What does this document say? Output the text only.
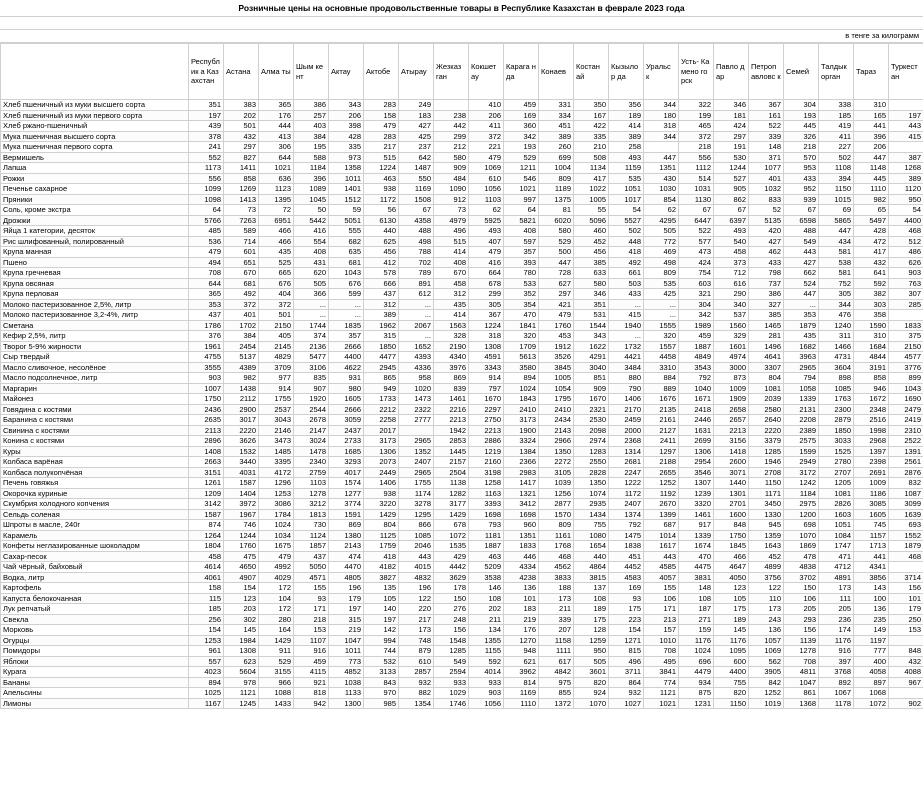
Розничные цены на основные продовольственные товары в Республике Казахстан в феврале 2023 года
в тенге за килограмм
	Республик а Казахстан	Астана	Алма ты	Шым кент	Актау	Актобе	Атырау	Жезказ ган	Кокшет ау	Карага нда	Конаев	Костан ай	Кызылор да	Уральс к	Усть- Камено горск	Павло дар	Петроп авловс к	Семей	Талдык орган	Тараз	Туркест ан
Хлеб пшеничный из муки высшего сорта	351	383	365	386	343	283	249		410	459	331	350	356	344	322	346	367	304	338	310	
Хлеб пшеничный из муки первого сорта	197	202	176	257	206	158	183	238	206	169	334	167	189	180	199	181	161	193	185	165	197
Хлеб ржано-пшеничный	439	501	444	403	398	479	427	442	411	360	451	422	414	318	465	424	522	445	419	441	443
Мука пшеничная высшего сорта	378	432	413	384	428	283	425	299	372	342	389	335	389	344	372	297	339	326	411	396	415
Мука пшеничная первого сорта	241	297	306	195	335	217	237	212	221	193	260	210	258		218	191	148	218	227	206	
Вермишель	552	827	644	588	973	515	642	580	479	529	699	508	493	447	556	530	371	570	502	447	387
Лапша	1173	1411	1021	1184	1358	1224	1487	909	1069	1211	1004	1134	1159	1351	1112	1244	1077	953	1108	1148	1268
Рожки	556	858	636	396	1011	463	550	484	610	546	809	417	535	430	514	527	401	433	394	445	389
Печенье сахарное	1099	1269	1123	1089	1401	938	1169	1090	1056	1021	1189	1022	1051	1030	1031	905	1032	952	1150	1110	1120
Пряники	1098	1413	1395	1045	1512	1172	1508	912	1103	997	1375	1005	1017	854	1130	862	833	939	1015	982	950
Соль, кроме экстра	64	73	72	50	59	56	67	73	62	64	81	55	54	62	67	67	52	67	69	65	54
Дрожжи	5766	7263	6951	5442	5051	6130	4358	4979	5925	5821	6020	5096	5527	4295	6447	6397	5135	6598	5865	5497	4400
Яйца 1 категории, десяток	485	589	466	416	555	440	488	496	493	408	580	460	502	505	522	493	420	488	447	428	468
Рис шлифованный, полированный	536	714	466	554	682	625	498	515	407	597	529	452	448	772	577	540	427	549	434	472	512
Крупа манная	479	601	435	408	635	456	788	414	479	357	500	456	418	469	473	458	462	443	581	417	486
Пшено	494	651	525	431	681	412	702	408	416	393	447	385	492	498	424	373	433	427	538	432	626
Крупа гречневая	708	670	665	620	1043	578	789	670	664	780	728	633	661	809	754	712	798	662	581	641	903
Крупа овсяная	644	681	676	505	676	666	891	458	678	533	627	580	503	535	603	616	737	524	752	592	763
Крупа перловая	365	492	404	366	599	437	612	312	299	352	297	346	433	425	321	290	386	447	305	382	307
Молоко пастеризованное 2,5%, литр	353	372	372	...	...	312	...	435	305	354	421	351	...	...	304	340	327	...	344	303	285
Молоко пастеризованное 3,2-4%, литр	437	401	501	...	...	389	...	414	367	470	479	531	415	...	342	537	385	353	476	358	
Сметана	1786	1702	2150	1744	1835	1962	2067	1563	1224	1841	1760	1544	1940	1555	1989	1560	1465	1879	1240	1590	1833
Кефир 2,5%, литр	376	384	405	374	357	315	...	328	318	320	453	343	...	320	459	329	281	435	311	310	375
Творог 5-9% жирности	1961	2454	2145	2136	2666	1850	1652	2190	1308	1709	1912	1622	1732	1557	1887	1601	1496	1682	1466	1684	2150
Сыр твердый	4755	5137	4829	5477	4400	4477	4393	4340	4591	5613	3526	4291	4421	4458	4849	4974	4641	3963	4731	4844	4577
Масло сливочное, несолёное	3555	4389	3709	3106	4622	2945	4336	3976	3343	3580	3845	3040	3484	3310	3543	3000	3307	2965	3604	3191	3776
Масло подсолнечное, литр	903	982	977	835	931	865	958	869	914	894	1005	851	880	884	792	873	804	794	898	858	899
Маргарин	1007	1438	914	907	980	949	1020	839	797	1024	1054	909	790	889	1040	1009	1081	1058	1085	946	1043
Майонез	1750	2112	1755	1920	1605	1733	1473	1461	1670	1843	1795	1670	1406	1676	1671	1909	2039	1339	1763	1672	1690
Говядина с костями	2436	2900	2537	2544	2666	2212	2322	2216	2297	2410	2410	2321	2170	2135	2418	2658	2580	2131	2300	2348	2479
Баранина с костями	2635	3017	3043	2678	3059	2258	2777	2213	2750	3173	2434	2530	2459	2161	2446	2657	2640	2208	2879	2516	2419
Свинина с костями	2113	2220	2146	2147	2437	2017		1942	2213	1900	2143	2098	2000	2127	1631	2213	2220	2389	1850	1998	2310
Конина с костями	2896	3626	3473	3024	2733	3173	2965	2853	2886	3324	2966	2974	2368	2411	2699	3156	3379	2575	3033	2968	2522
Куры	1408	1532	1485	1478	1685	1306	1352	1445	1219	1384	1350	1283	1314	1297	1306	1418	1285	1599	1525	1397	1391
Колбаса варёная	2663	3440	3395	2340	3293	2073	2407	2157	2160	2366	2272	2550	2681	2188	2954	2600	1946	2949	2780	2398	2561
Колбаса полукопчёная	3151	4031	4172	2759	4017	2449	2965	2504	3198	2983	3105	2828	2247	2655	3546	3071	2708	3172	2707	2691	2876
Печень говяжья	1261	1587	1296	1103	1574	1406	1755	1138	1258	1417	1039	1350	1222	1252	1307	1440	1150	1242	1205	1009	832
Окорочка куриные	1209	1404	1253	1278	1277	938	1174	1282	1163	1321	1256	1074	1172	1192	1239	1301	1171	1184	1081	1186	1087
Скумбрия холодного копчения	3142	3972	3086	3212	3774	3220	3278	3177	3393	3412	2877	2935	2407	2670	3320	2701	3450	2975	2826	3085	3099
Сельдь соленая	1587	1967	1784	1813	1591	1429	1295	1429	1698	1698	1570	1434	1374	1399	1461	1600	1330	1200	1603	1605	1639
Шпроты в масле, 240г	874	746	1024	730	869	804	866	678	793	960	809	755	792	687	917	848	945	698	1051	745	693
Карамель	1264	1244	1034	1124	1380	1125	1085	1072	1181	1351	1161	1080	1475	1014	1339	1750	1359	1070	1084	1157	1552
Конфеты неглазированные шоколадом	1804	1760	1675	1857	2143	1759	2046	1535	1887	1833	1768	1654	1838	1617	1674	1845	1643	1869	1747	1713	1879
Сахар-песок	458	475	479	437	474	418	443	429	463	446	468	440	451	443	470	466	452	478	471	441	468
Чай чёрный, байховый	4614	4650	4992	5050	4470	4182	4015	4442	5209	4334	4562	4864	4452	4585	4475	4647	4899	4838	4712	4341	
Водка, литр	4061	4907	4029	4571	4805	3827	4832	3629	3538	4238	3833	3815	4583	4057	3831	4050	3756	3702	4891	3856	3714
Картофель	158	154	172	155	196	135	196	178	146	136	188	137	169	155	148	123	122	150	173	143	156
Капуста белокочанная	115	123	104	93	179	105	122	150	108	101	173	108	93	106	108	105	110	106	111	100	101
Лук репчатый	185	203	172	171	197	140	220	276	202	183	211	189	175	171	187	175	173	205	205	136	179
Свекла	256	302	280	218	315	197	217	248	211	219	339	175	223	213	271	189	243	293	236	235	250
Морковь	154	145	164	153	219	142	173	156	134	176	207	128	154	157	159	145	136	156	174	149	153
Огурцы	1253	1984	1429	1107	1047	994	748	1548	1355	1270	1158	1259	1271	1010	1176	1176	1057	1139	1176	1197	
Помидоры	961	1308	911	916	1011	744	879	1285	1155	948	1111	950	815	708	1024	1095	1069	1278	916	777	848
Яблоки	557	623	529	459	773	532	610	549	592	621	617	505	496	495	696	600	562	708	397	400	432
Курага	4023	5604	3155	4115	4852	3133	2857	2594	4014	3962	4842	3601	3711	3841	4479	4400	3905	4811	3768	4058	4088
Бананы	894	978	966	921	1038	843	932	933	933	814	975	820	864	774	934	755	842	1047	892	897	967
Апельсины	1025	1121	1088	818	1133	970	882	1029	903	1169	855	924	932	1121	875	820	1252	861	1067	1068	
Лимоны	1167	1245	1433	942	1300	985	1354	1746	1056	1110	1372	1070	1027	1021	1231	1150	1019	1368	1178	1072	902
